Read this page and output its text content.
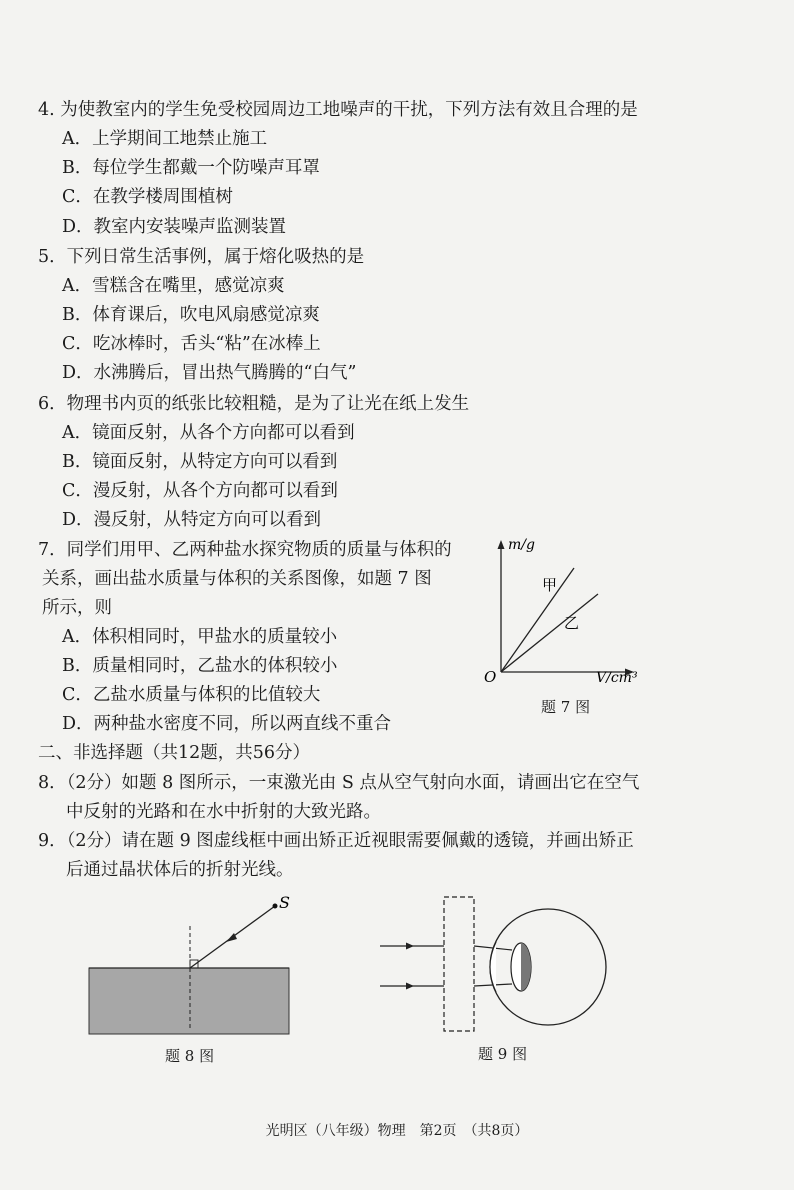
4. 为使教室内的学生免受校园周边工地噪声的干扰，下列方法有效且合理的是
A．上学期间工地禁止施工
B．每位学生都戴一个防噪声耳罩
C．在教学楼周围植树
D．教室内安装噪声监测装置
5．下列日常生活事例，属于熔化吸热的是
A．雪糕含在嘴里，感觉凉爽
B．体育课后，吹电风扇感觉凉爽
C．吃冰棒时，舌头“粘”在冰棒上
D．水沸腾后，冒出热气腾腾的“白气”
6．物理书内页的纸张比较粗糙，是为了让光在纸上发生
A．镜面反射，从各个方向都可以看到
B．镜面反射，从特定方向可以看到
C．漫反射，从各个方向都可以看到
D．漫反射，从特定方向可以看到
7．同学们用甲、乙两种盐水探究物质的质量与体积的
关系，画出盐水质量与体积的关系图像，如题 7 图
所示，则
A．体积相同时，甲盐水的质量较小
B．质量相同时，乙盐水的体积较小
C．乙盐水质量与体积的比值较大
D．两种盐水密度不同，所以两直线不重合
m/g
V/cm³
O
甲
乙
题 7 图
二、非选择题（共12题，共56分）
8．（2分）如题 8 图所示，一束激光由 S 点从空气射向水面，请画出它在空气
中反射的光路和在水中折射的大致光路。
9．（2分）请在题 9 图虚线框中画出矫正近视眼需要佩戴的透镜，并画出矫正
后通过晶状体后的折射光线。
S
题 8 图	题 9 图
光明区（八年级）物理　第2页　（共8页）
